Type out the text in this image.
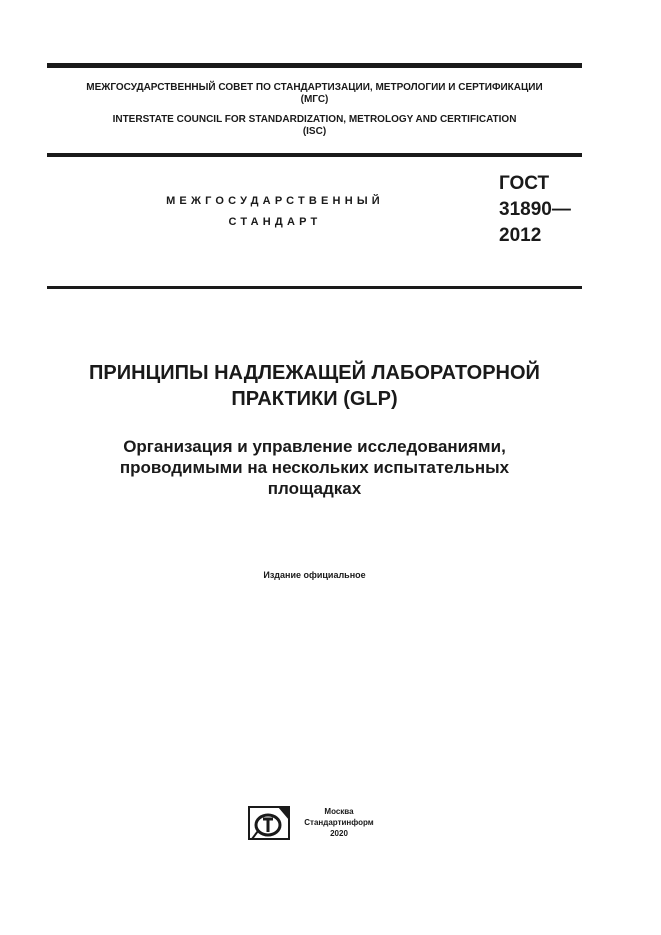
МЕЖГОСУДАРСТВЕННЫЙ СОВЕТ ПО СТАНДАРТИЗАЦИИ, МЕТРОЛОГИИ И СЕРТИФИКАЦИИ
(МГС)
INTERSTATE COUNCIL FOR STANDARDIZATION, METROLOGY AND CERTIFICATION
(ISC)
МЕЖГОСУДАРСТВЕННЫЙ
СТАНДАРТ
ГОСТ
31890—
2012
ПРИНЦИПЫ НАДЛЕЖАЩЕЙ ЛАБОРАТОРНОЙ
ПРАКТИКИ (GLP)
Организация и управление исследованиями,
проводимыми на нескольких испытательных
площадках
Издание официальное
Москва
Стандартинформ
2020
